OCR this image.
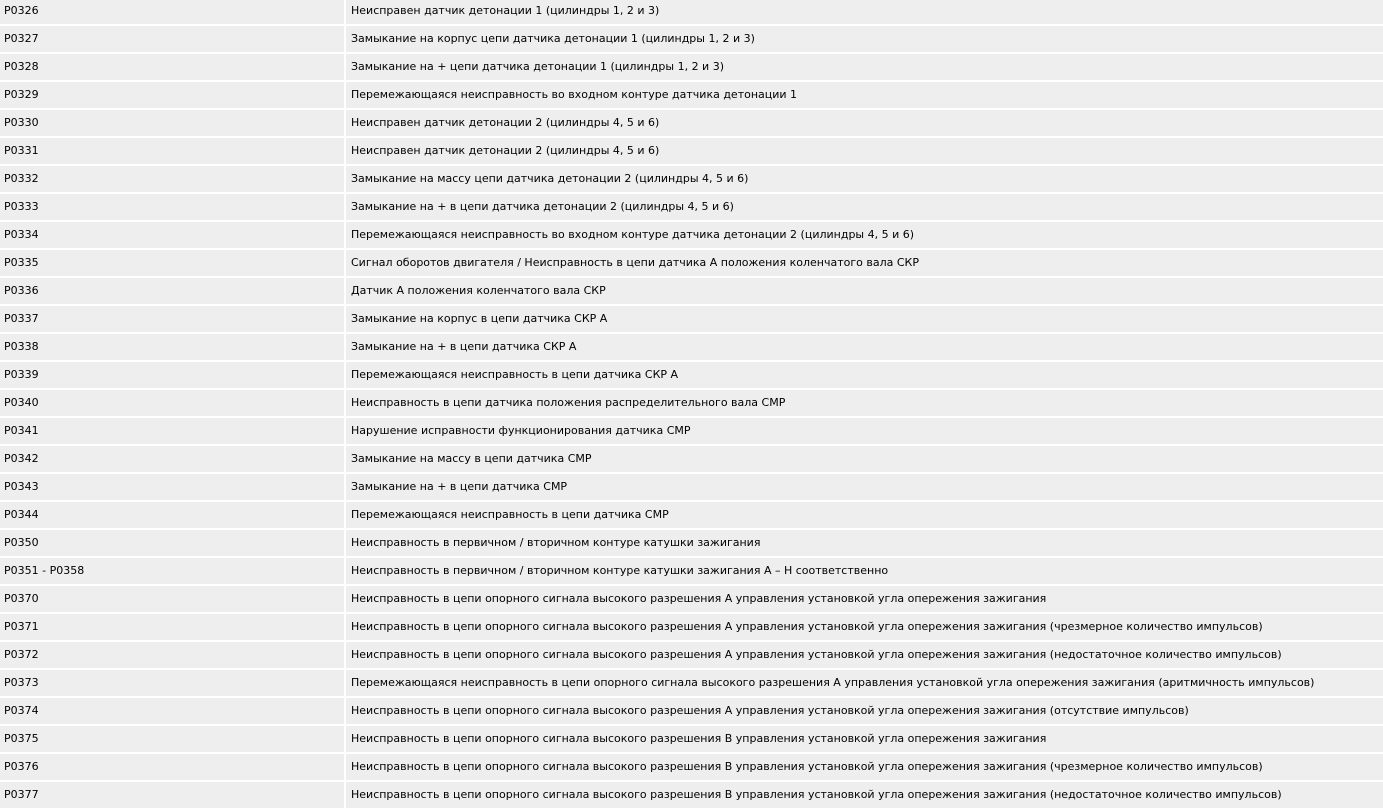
P0326	Неисправен датчик детонации 1 (цилиндры 1, 2 и 3)
P0327	Замыкание на корпус цепи датчика детонации 1 (цилиндры 1, 2 и 3)
P0328	Замыкание на + цепи датчика детонации 1 (цилиндры 1, 2 и 3)
P0329	Перемежающаяся неисправность во входном контуре датчика детонации 1
P0330	Неисправен датчик детонации 2 (цилиндры 4, 5 и 6)
P0331	Неисправен датчик детонации 2 (цилиндры 4, 5 и 6)
P0332	Замыкание на массу цепи датчика детонации 2 (цилиндры 4, 5 и 6)
P0333	Замыкание на + в цепи датчика детонации 2 (цилиндры 4, 5 и 6)
P0334	Перемежающаяся неисправность во входном контуре датчика детонации 2 (цилиндры 4, 5 и 6)
P0335	Сигнал оборотов двигателя / Неисправность в цепи датчика А положения коленчатого вала СКР
P0336	Датчик А положения коленчатого вала СКР
P0337	Замыкание на корпус в цепи датчика СКР А
P0338	Замыкание на + в цепи датчика СКР А
P0339	Перемежающаяся неисправность в цепи датчика СКР А
P0340	Неисправность в цепи датчика положения распределительного вала СМР
P0341	Нарушение исправности функционирования датчика СМР
P0342	Замыкание на массу в цепи датчика СМР
P0343	Замыкание на + в цепи датчика СМР
P0344	Перемежающаяся неисправность в цепи датчика СМР
P0350	Неисправность в первичном / вторичном контуре катушки зажигания
P0351 - P0358	Неисправность в первичном / вторичном контуре катушки зажигания А – Н соответственно
P0370	Неисправность в цепи опорного сигнала высокого разрешения А управления установкой угла опережения зажигания
P0371	Неисправность в цепи опорного сигнала высокого разрешения А управления установкой угла опережения зажигания (чрезмерное количество импульсов)
P0372	Неисправность в цепи опорного сигнала высокого разрешения А управления установкой угла опережения зажигания (недостаточное количество импульсов)
P0373	Перемежающаяся неисправность в цепи опорного сигнала высокого разрешения А управления установкой угла опережения зажигания (аритмичность импульсов)
P0374	Неисправность в цепи опорного сигнала высокого разрешения А управления установкой угла опережения зажигания (отсутствие импульсов)
P0375	Неисправность в цепи опорного сигнала высокого разрешения В управления установкой угла опережения зажигания
P0376	Неисправность в цепи опорного сигнала высокого разрешения В управления установкой угла опережения зажигания (чрезмерное количество импульсов)
P0377	Неисправность в цепи опорного сигнала высокого разрешения В управления установкой угла опережения зажигания (недостаточное количество импульсов)
